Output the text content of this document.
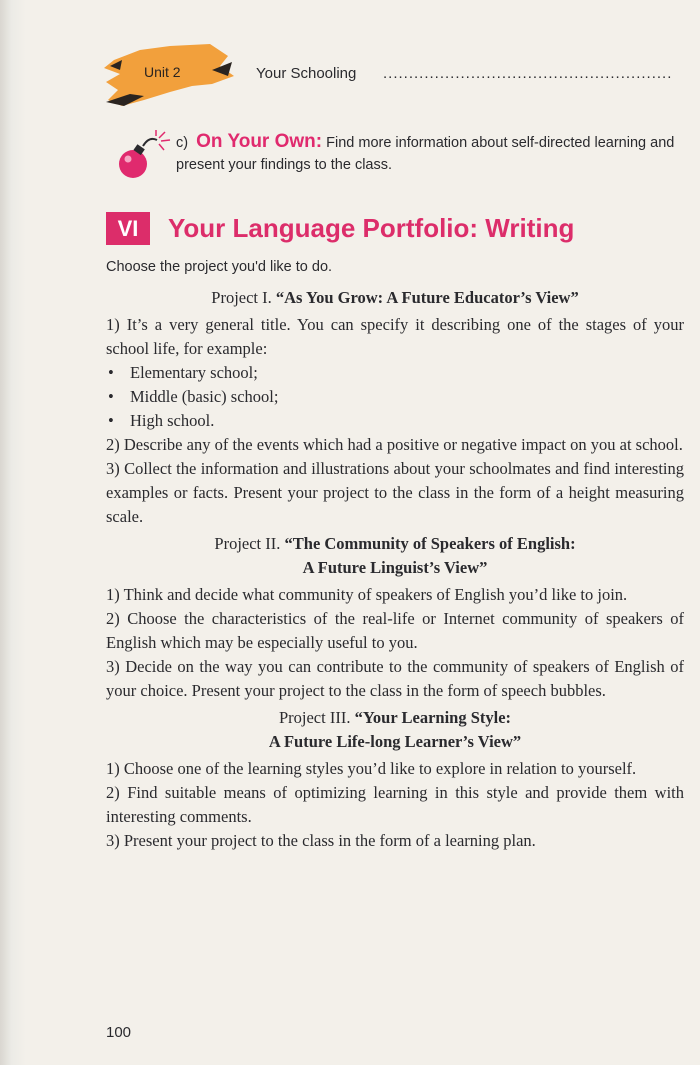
Unit 2	Your Schooling ........................................................
c) On Your Own: Find more information about self-directed learning and present your findings to the class.
VI Your Language Portfolio: Writing
Choose the project you'd like to do.

Project I. “As You Grow: A Future Educator’s View”

1) It’s a very general title. You can specify it describing one of the stages of your school life, for example:

• Elementary school;

• Middle (basic) school;

• High school.

2) Describe any of the events which had a positive or negative impact on you at school.

3) Collect the information and illustrations about your schoolmates and find interesting examples or facts. Present your project to the class in the form of a height measuring scale.

Project II. “The Community of Speakers of English:

A Future Linguist’s View”

1) Think and decide what community of speakers of English you’d like to join.

2) Choose the characteristics of the real-life or Internet community of speakers of English which may be especially useful to you.

3) Decide on the way you can contribute to the community of speakers of English of your choice. Present your project to the class in the form of speech bubbles.

Project III. “Your Learning Style:

A Future Life-long Learner’s View”

1) Choose one of the learning styles you’d like to explore in relation to yourself.

2) Find suitable means of optimizing learning in this style and provide them with interesting comments.

3) Present your project to the class in the form of a learning plan.

100
